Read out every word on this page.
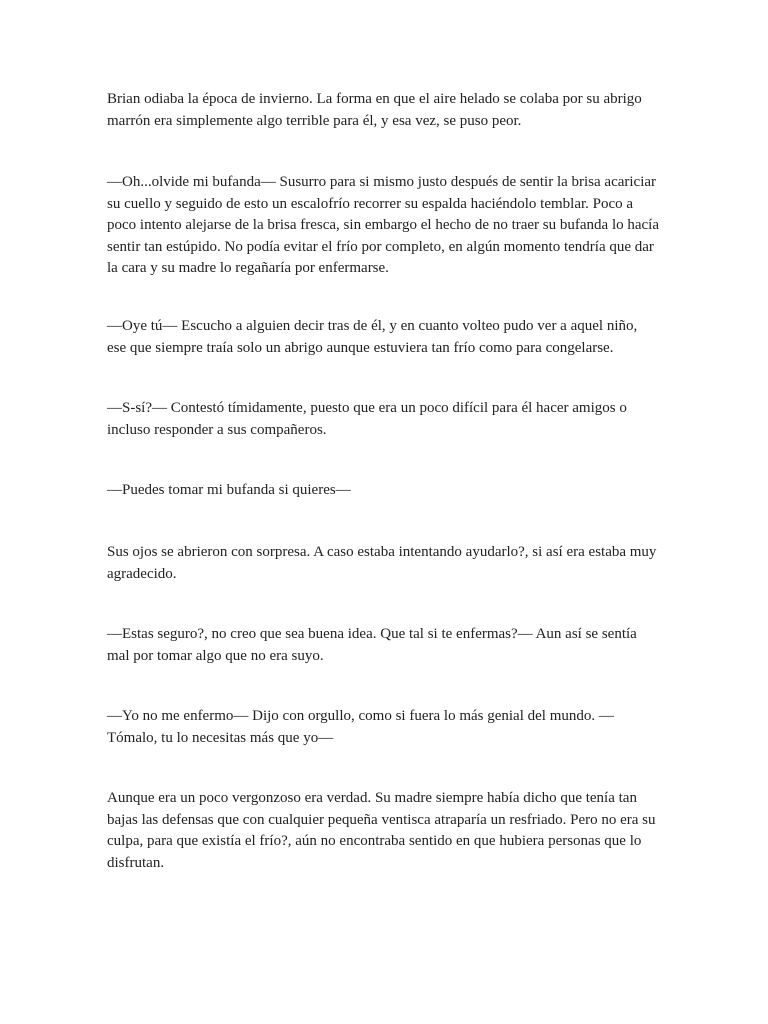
Brian odiaba la época de invierno. La forma en que el aire helado se colaba por su abrigo
marrón era simplemente algo terrible para él, y esa vez, se puso peor.

—Oh...olvide mi bufanda— Susurro para si mismo justo después de sentir la brisa acariciar
su cuello y seguido de esto un escalofrío recorrer su espalda haciéndolo temblar. Poco a
poco intento alejarse de la brisa fresca, sin embargo el hecho de no traer su bufanda lo hacía
sentir tan estúpido. No podía evitar el frío por completo, en algún momento tendría que dar
la cara y su madre lo regañaría por enfermarse.

—Oye tú— Escucho a alguien decir tras de él, y en cuanto volteo pudo ver a aquel niño,
ese que siempre traía solo un abrigo aunque estuviera tan frío como para congelarse.

—S-sí?— Contestó tímidamente, puesto que era un poco difícil para él hacer amigos o
incluso responder a sus compañeros.

—Puedes tomar mi bufanda si quieres—

Sus ojos se abrieron con sorpresa. A caso estaba intentando ayudarlo?, si así era estaba muy
agradecido.

—Estas seguro?, no creo que sea buena idea. Que tal si te enfermas?— Aun así se sentía
mal por tomar algo que no era suyo.

—Yo no me enfermo— Dijo con orgullo, como si fuera lo más genial del mundo. —
Tómalo, tu lo necesitas más que yo—

Aunque era un poco vergonzoso era verdad. Su madre siempre había dicho que tenía tan
bajas las defensas que con cualquier pequeña ventisca atraparía un resfriado. Pero no era su
culpa, para que existía el frío?, aún no encontraba sentido en que hubiera personas que lo
disfrutan.
